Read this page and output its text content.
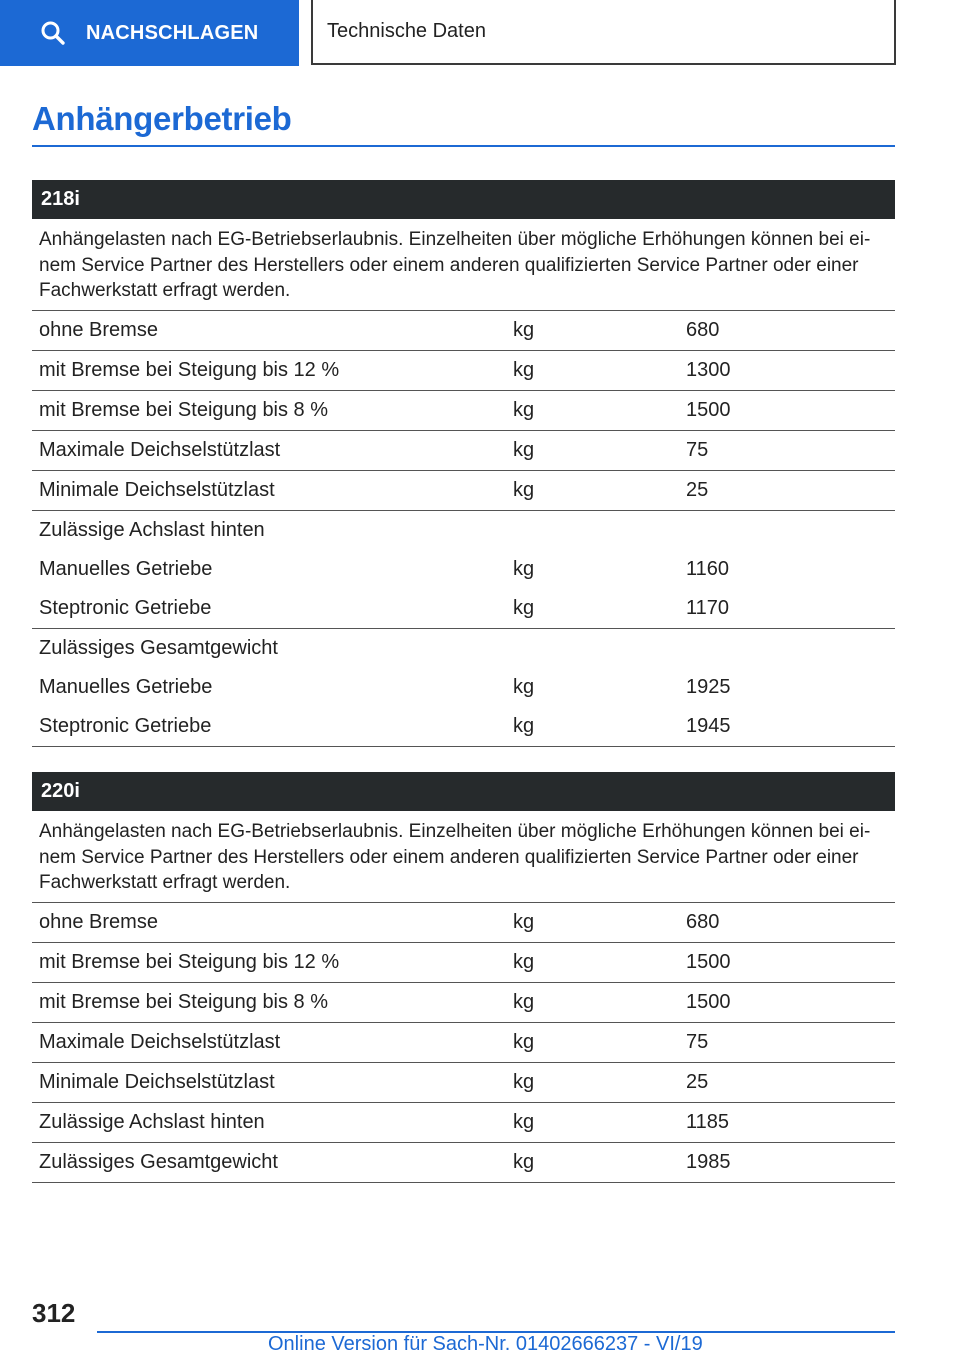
NACHSCHLAGEN	Technische Daten
Anhängerbetrieb
218i
Anhängelasten nach EG-Betriebserlaubnis. Einzelheiten über mögliche Erhöhungen können bei ei-nem Service Partner des Herstellers oder einem anderen qualifizierten Service Partner oder einer Fachwerkstatt erfragt werden.
ohne Bremse	kg	680
mit Bremse bei Steigung bis 12 %	kg	1300
mit Bremse bei Steigung bis 8 %	kg	1500
Maximale Deichselstützlast	kg	75
Minimale Deichselstützlast	kg	25
Zulässige Achslast hinten
Manuelles Getriebe	kg	1160
Steptronic Getriebe	kg	1170
Zulässiges Gesamtgewicht
Manuelles Getriebe	kg	1925
Steptronic Getriebe	kg	1945
220i
Anhängelasten nach EG-Betriebserlaubnis. Einzelheiten über mögliche Erhöhungen können bei ei-nem Service Partner des Herstellers oder einem anderen qualifizierten Service Partner oder einer Fachwerkstatt erfragt werden.
ohne Bremse	kg	680
mit Bremse bei Steigung bis 12 %	kg	1500
mit Bremse bei Steigung bis 8 %	kg	1500
Maximale Deichselstützlast	kg	75
Minimale Deichselstützlast	kg	25
Zulässige Achslast hinten	kg	1185
Zulässiges Gesamtgewicht	kg	1985
312
Online Version für Sach-Nr. 01402666237 - VI/19
